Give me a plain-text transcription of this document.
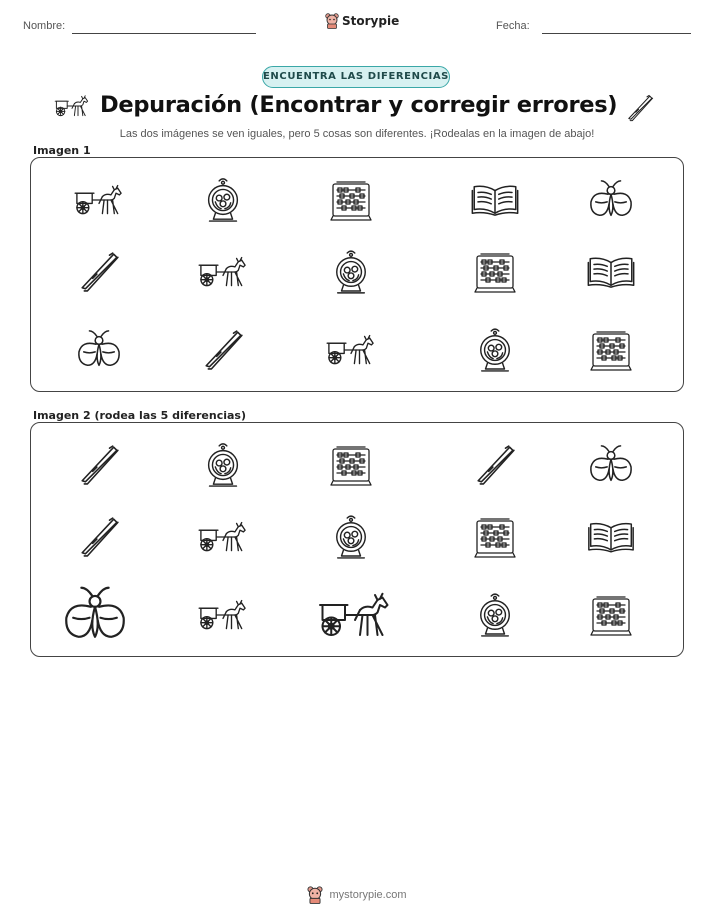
Nombre:	Storypie	Fecha:
ENCUENTRA LAS DIFERENCIAS
Depuración (Encontrar y corregir errores)
Las dos imágenes se ven iguales, pero 5 cosas son diferentes. ¡Rodealas en la imagen de abajo!
Imagen 1
Imagen 2 (rodea las 5 diferencias)
mystorypie.com
